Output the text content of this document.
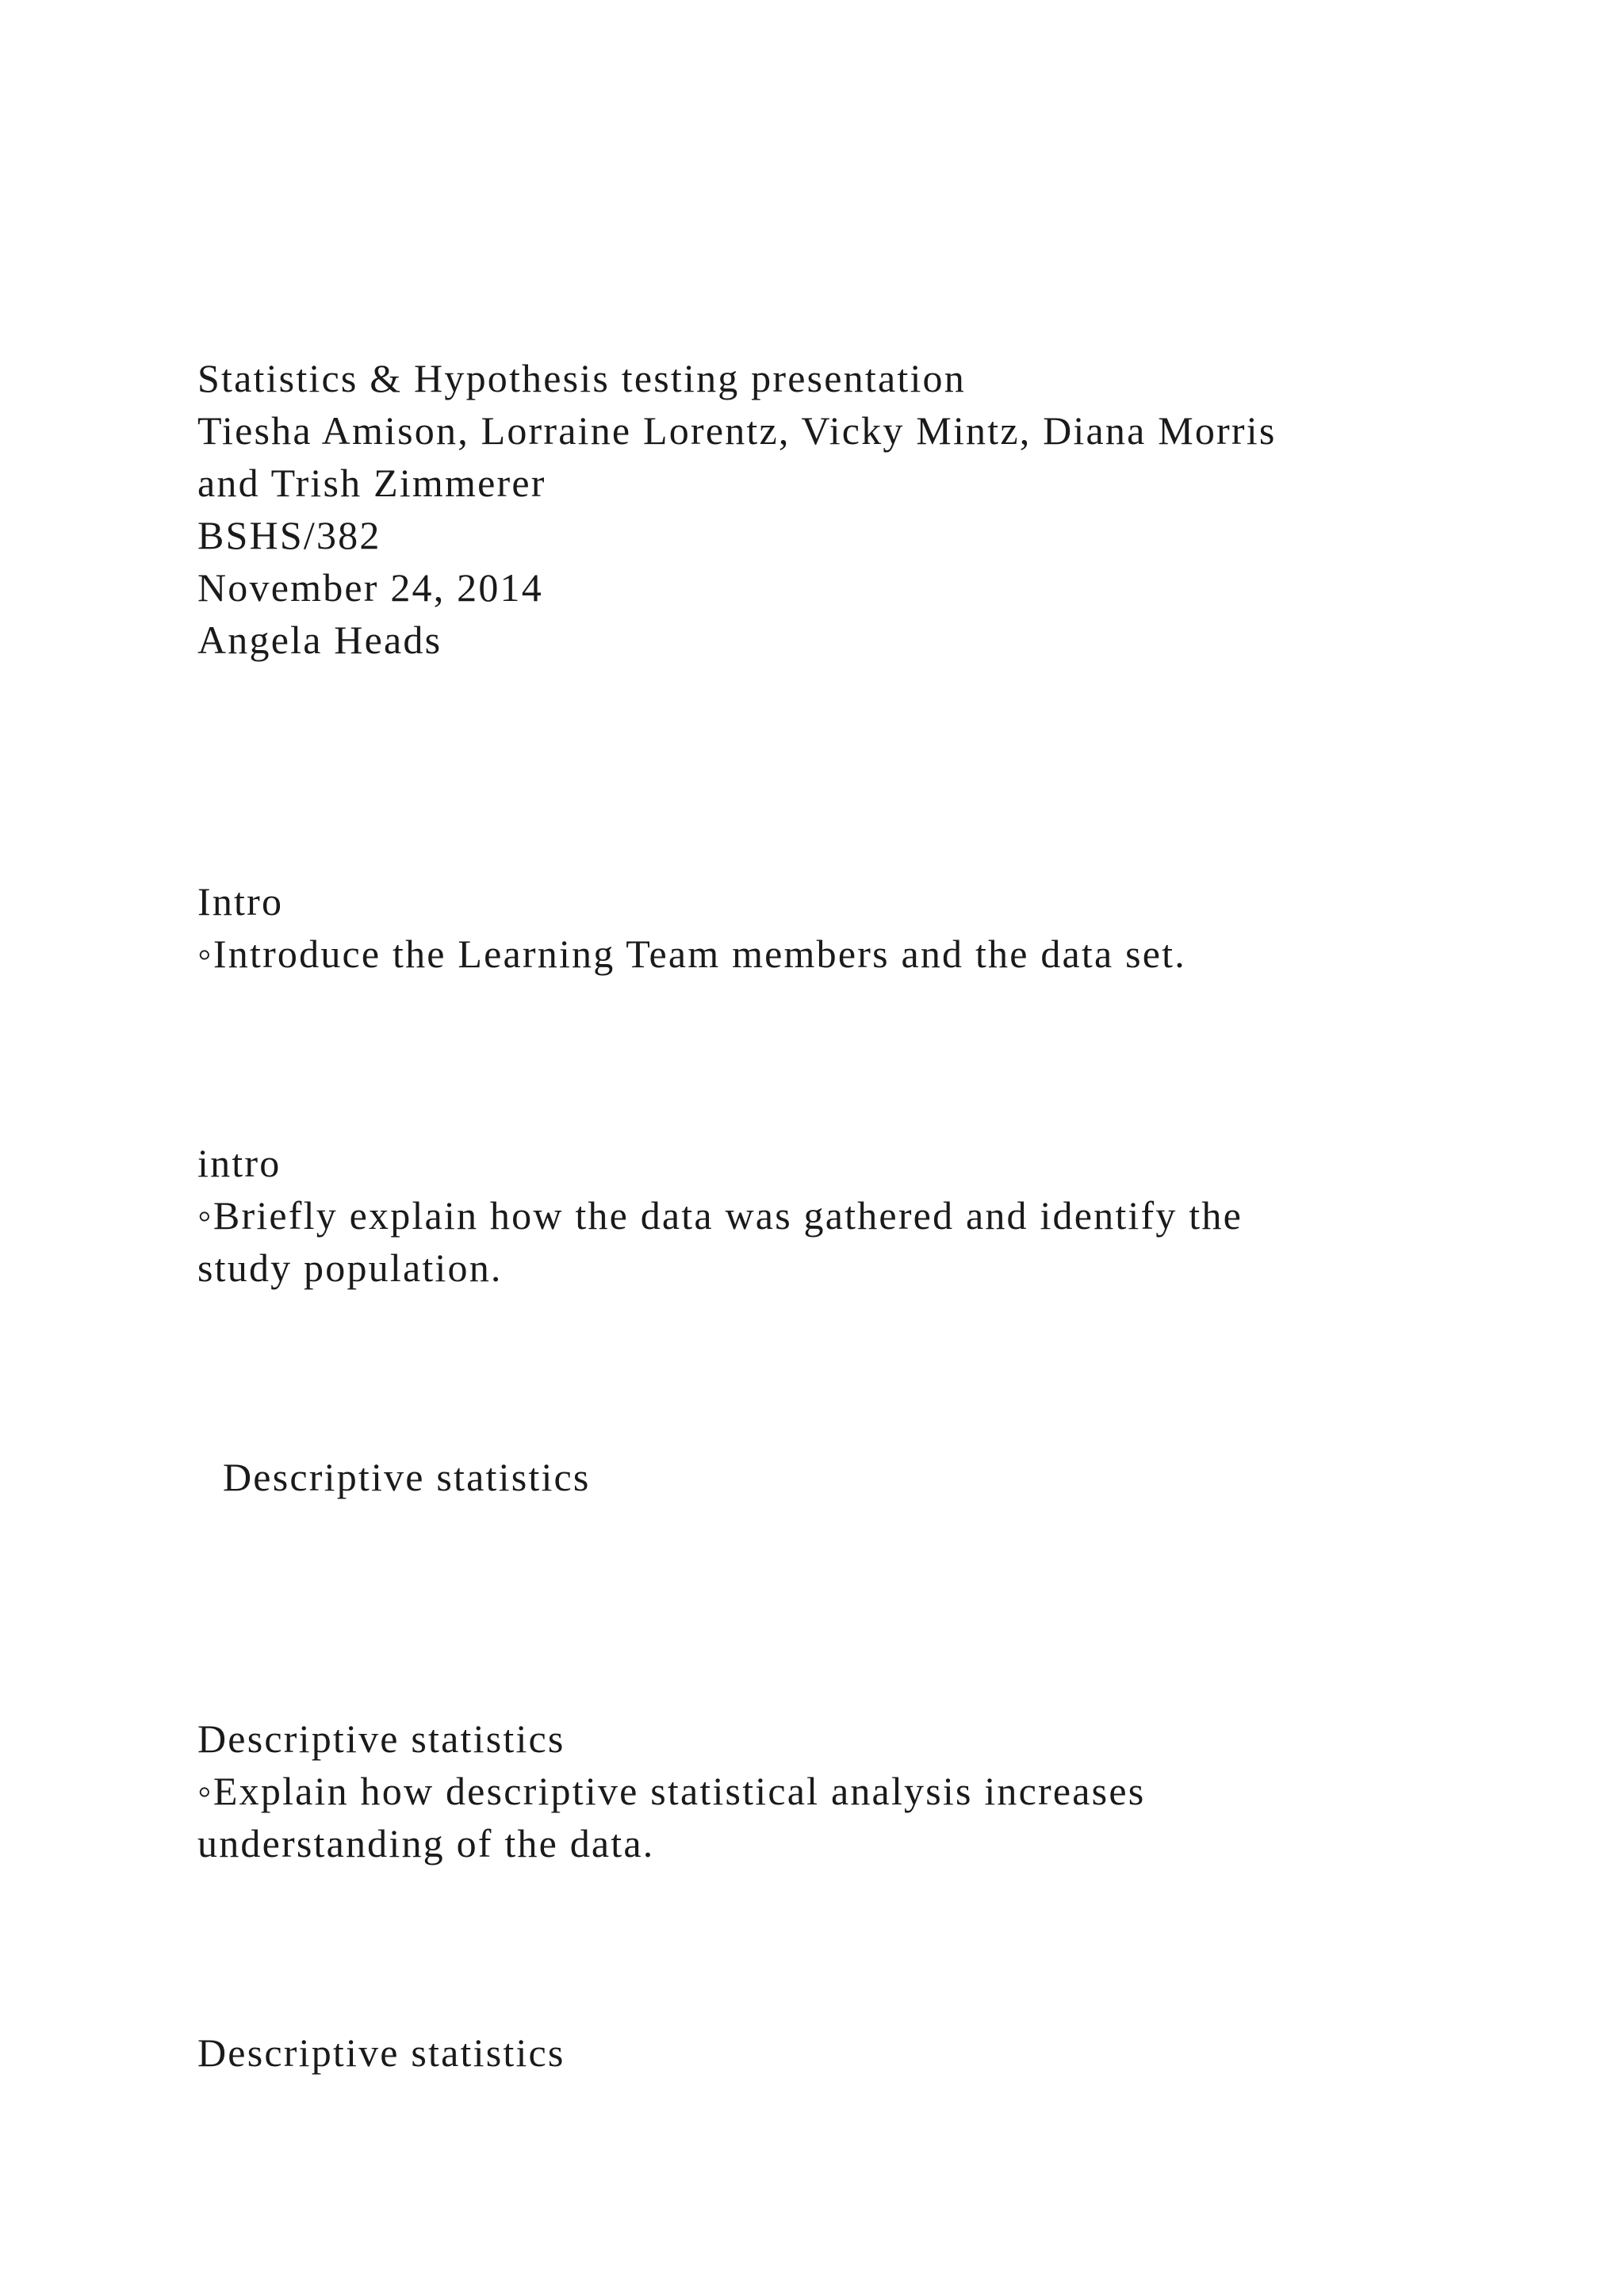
Statistics & Hypothesis testing presentation
Tiesha Amison, Lorraine Lorentz, Vicky Mintz, Diana Morris
and Trish Zimmerer
BSHS/382
November 24, 2014
Angela Heads
Intro
◦Introduce the Learning Team members and the data set.
intro
◦Briefly explain how the data was gathered and identify the
study population.
Descriptive statistics
Descriptive statistics
◦Explain how descriptive statistical analysis increases
understanding of the data.
Descriptive statistics
